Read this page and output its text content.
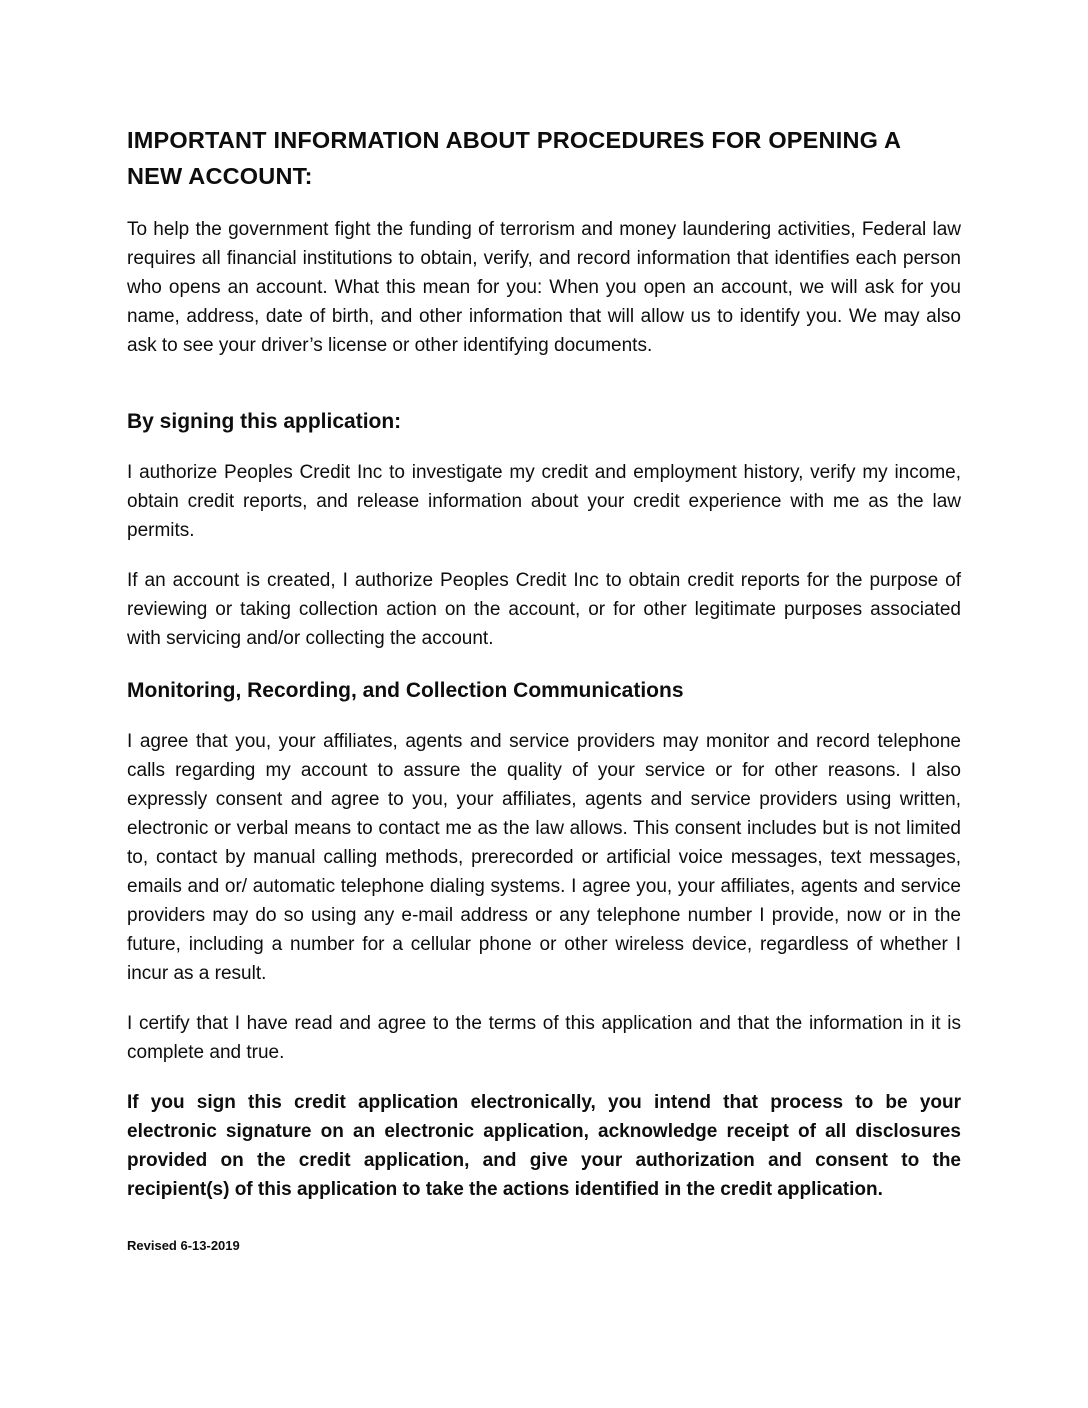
IMPORTANT INFORMATION ABOUT PROCEDURES FOR OPENING A NEW ACCOUNT:

To help the government fight the funding of terrorism and money laundering activities, Federal law requires all financial institutions to obtain, verify, and record information that identifies each person who opens an account. What this mean for you: When you open an account, we will ask for you name, address, date of birth, and other information that will allow us to identify you. We may also ask to see your driver’s license or other identifying documents.

By signing this application:

I authorize Peoples Credit Inc to investigate my credit and employment history, verify my income, obtain credit reports, and release information about your credit experience with me as the law permits.

If an account is created, I authorize Peoples Credit Inc to obtain credit reports for the purpose of reviewing or taking collection action on the account, or for other legitimate purposes associated with servicing and/or collecting the account.

Monitoring, Recording, and Collection Communications

I agree that you, your affiliates, agents and service providers may monitor and record telephone calls regarding my account to assure the quality of your service or for other reasons. I also expressly consent and agree to you, your affiliates, agents and service providers using written, electronic or verbal means to contact me as the law allows. This consent includes but is not limited to, contact by manual calling methods, prerecorded or artificial voice messages, text messages, emails and or/ automatic telephone dialing systems. I agree you, your affiliates, agents and service providers may do so using any e-mail address or any telephone number I provide, now or in the future, including a number for a cellular phone or other wireless device, regardless of whether I incur as a result.

I certify that I have read and agree to the terms of this application and that the information in it is complete and true.

If you sign this credit application electronically, you intend that process to be your electronic signature on an electronic application, acknowledge receipt of all disclosures provided on the credit application, and give your authorization and consent to the recipient(s) of this application to take the actions identified in the credit application.

Revised 6-13-2019
